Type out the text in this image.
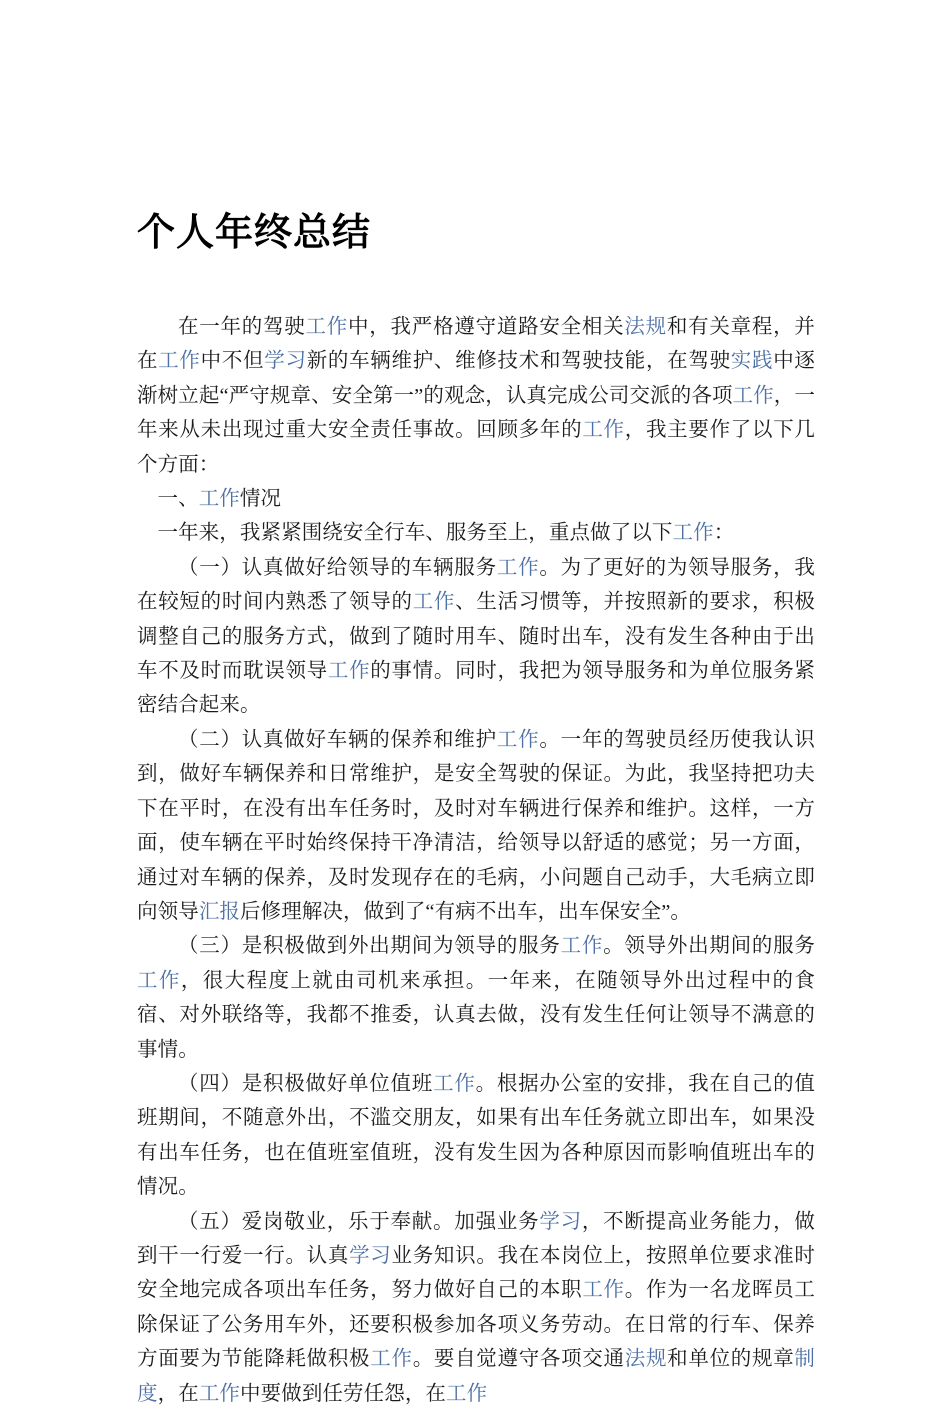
个人年终总结

在一年的驾驶工作中，我严格遵守道路安全相关法规和有关章程，并在工作中不但学习新的车辆维护、维修技术和驾驶技能，在驾驶实践中逐渐树立起“严守规章、安全第一”的观念，认真完成公司交派的各项工作，一年来从未出现过重大安全责任事故。回顾多年的工作，我主要作了以下几个方面：

一、工作情况

一年来，我紧紧围绕安全行车、服务至上，重点做了以下工作：

（一）认真做好给领导的车辆服务工作。为了更好的为领导服务，我在较短的时间内熟悉了领导的工作、生活习惯等，并按照新的要求，积极调整自己的服务方式，做到了随时用车、随时出车，没有发生各种由于出车不及时而耽误领导工作的事情。同时，我把为领导服务和为单位服务紧密结合起来。

（二）认真做好车辆的保养和维护工作。一年的驾驶员经历使我认识到，做好车辆保养和日常维护，是安全驾驶的保证。为此，我坚持把功夫下在平时，在没有出车任务时，及时对车辆进行保养和维护。这样，一方面，使车辆在平时始终保持干净清洁，给领导以舒适的感觉；另一方面，通过对车辆的保养，及时发现存在的毛病，小问题自己动手，大毛病立即向领导汇报后修理解决，做到了“有病不出车，出车保安全”。

（三）是积极做到外出期间为领导的服务工作。领导外出期间的服务工作，很大程度上就由司机来承担。一年来，在随领导外出过程中的食宿、对外联络等，我都不推委，认真去做，没有发生任何让领导不满意的事情。

（四）是积极做好单位值班工作。根据办公室的安排，我在自己的值班期间，不随意外出，不滥交朋友，如果有出车任务就立即出车，如果没有出车任务，也在值班室值班，没有发生因为各种原因而影响值班出车的情况。

（五）爱岗敬业，乐于奉献。加强业务学习，不断提高业务能力，做到干一行爱一行。认真学习业务知识。我在本岗位上，按照单位要求准时安全地完成各项出车任务，努力做好自己的本职工作。作为一名龙晖员工除保证了公务用车外，还要积极参加各项义务劳动。在日常的行车、保养方面要为节能降耗做积极工作。要自觉遵守各项交通法规和单位的规章制度，在工作中要做到任劳任怨，在工作
